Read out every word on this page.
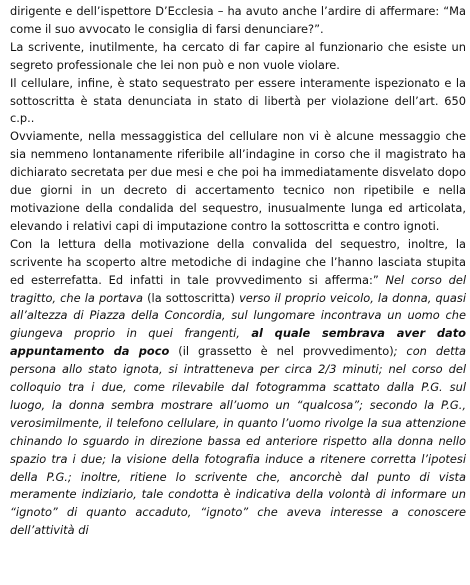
dirigente e dell’ispettore D’Ecclesia – ha avuto anche l’ardire di affermare: “Ma come il suo avvocato le consiglia di farsi denunciare?”.

La scrivente, inutilmente, ha cercato di far capire al funzionario che esiste un segreto professionale che lei non può e non vuole violare.

Il cellulare, infine, è stato sequestrato per essere interamente ispezionato e la sottoscritta è stata denunciata in stato di libertà per violazione dell’art. 650 c.p..

Ovviamente, nella messaggistica del cellulare non vi è alcune messaggio che sia nemmeno lontanamente riferibile all’indagine in corso che il magistrato ha dichiarato secretata per due mesi e che poi ha immediatamente disvelato dopo due giorni in un decreto di accertamento tecnico non ripetibile e nella motivazione della condalida del sequestro, inusualmente lunga ed articolata, elevando i relativi capi di imputazione contro la sottoscritta e contro ignoti.

Con la lettura della motivazione della convalida del sequestro, inoltre, la scrivente ha scoperto altre metodiche di indagine che l’hanno lasciata stupita ed esterrefatta. Ed infatti in tale provvedimento si afferma:” Nel corso del tragitto, che la portava (la sottoscritta) verso il proprio veicolo, la donna, quasi all’altezza di Piazza della Concordia, sul lungomare incontrava un uomo che giungeva proprio in quei frangenti, al quale sembrava aver dato appuntamento da poco (il grassetto è nel provvedimento); con detta persona allo stato ignota, si intratteneva per circa 2/3 minuti; nel corso del colloquio tra i due, come rilevabile dal fotogramma scattato dalla P.G. sul luogo, la donna sembra mostrare all’uomo un “qualcosa”; secondo la P.G., verosimilmente, il telefono cellulare, in quanto l’uomo rivolge la sua attenzione chinando lo sguardo in direzione bassa ed anteriore rispetto alla donna nello spazio tra i due; la visione della fotografia induce a ritenere corretta l’ipotesi della P.G.; inoltre, ritiene lo scrivente che, ancorchè dal punto di vista meramente indiziario, tale condotta è indicativa della volontà di informare un “ignoto” di quanto accaduto, “ignoto” che aveva interesse a conoscere dell’attività di
